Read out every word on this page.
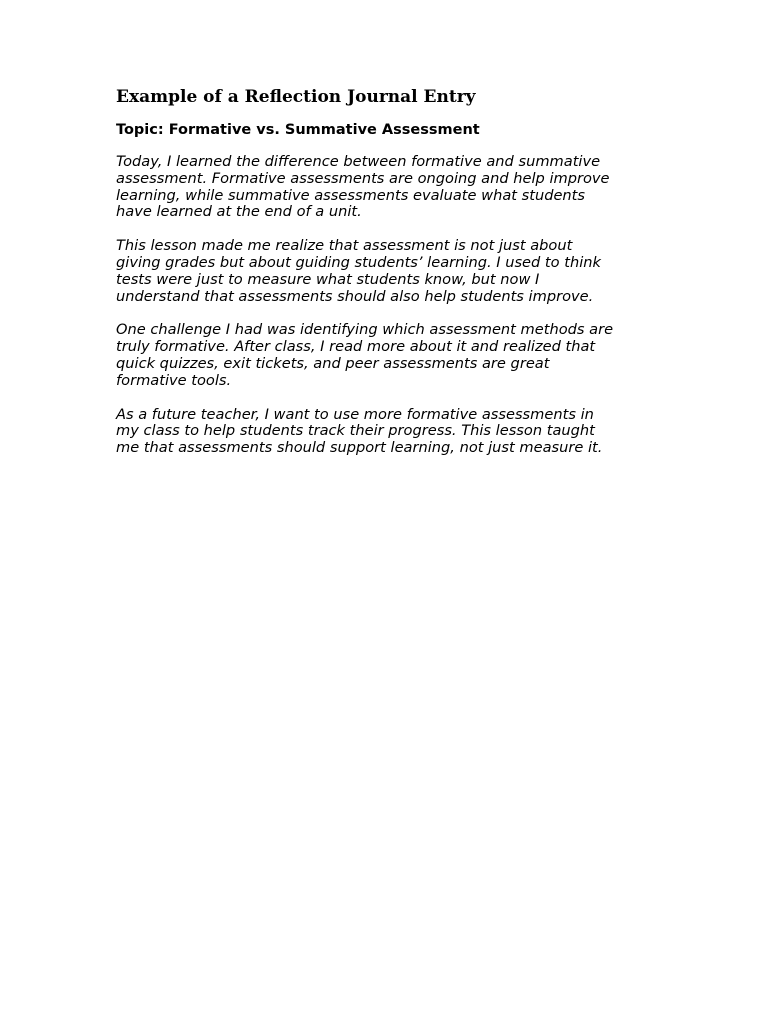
Example of a Reflection Journal Entry
Topic: Formative vs. Summative Assessment

Today, I learned the difference between formative and summative
assessment. Formative assessments are ongoing and help improve
learning, while summative assessments evaluate what students
have learned at the end of a unit.

This lesson made me realize that assessment is not just about
giving grades but about guiding students’ learning. I used to think
tests were just to measure what students know, but now I
understand that assessments should also help students improve.

One challenge I had was identifying which assessment methods are
truly formative. After class, I read more about it and realized that
quick quizzes, exit tickets, and peer assessments are great
formative tools.

As a future teacher, I want to use more formative assessments in
my class to help students track their progress. This lesson taught
me that assessments should support learning, not just measure it.
